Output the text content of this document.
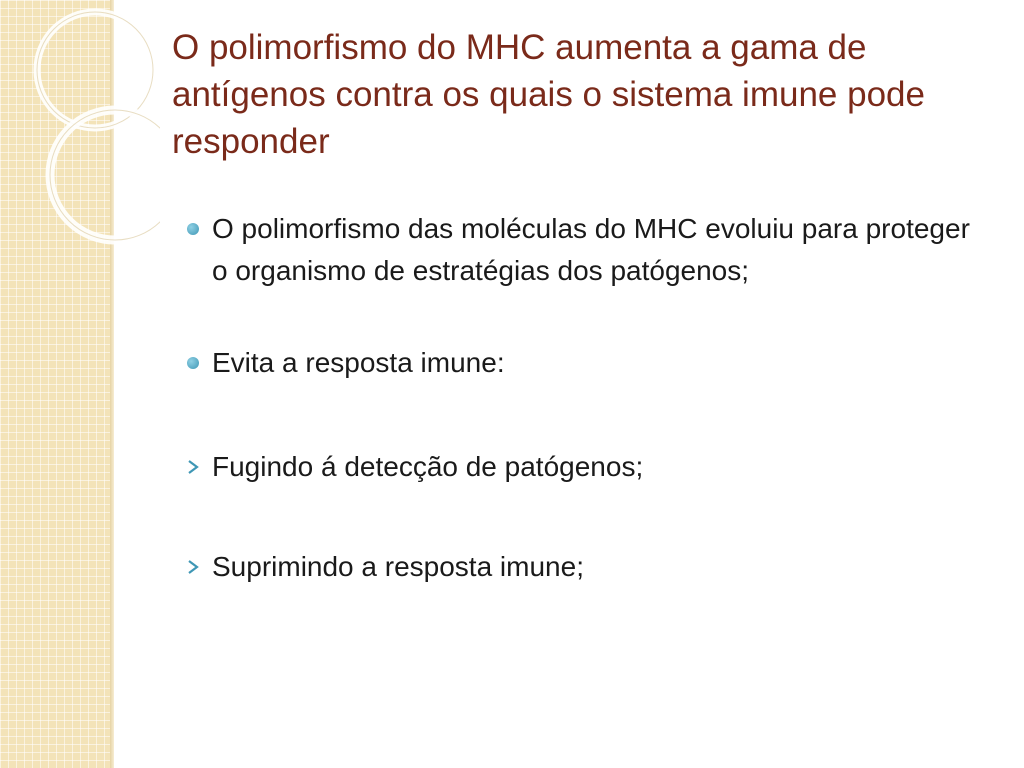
O polimorfismo do MHC aumenta a gama de antígenos contra os quais o sistema imune pode responder
O polimorfismo das moléculas do MHC evoluiu para proteger o organismo de estratégias dos patógenos;
Evita a resposta imune:
Fugindo á detecção de patógenos;
Suprimindo a resposta imune;
